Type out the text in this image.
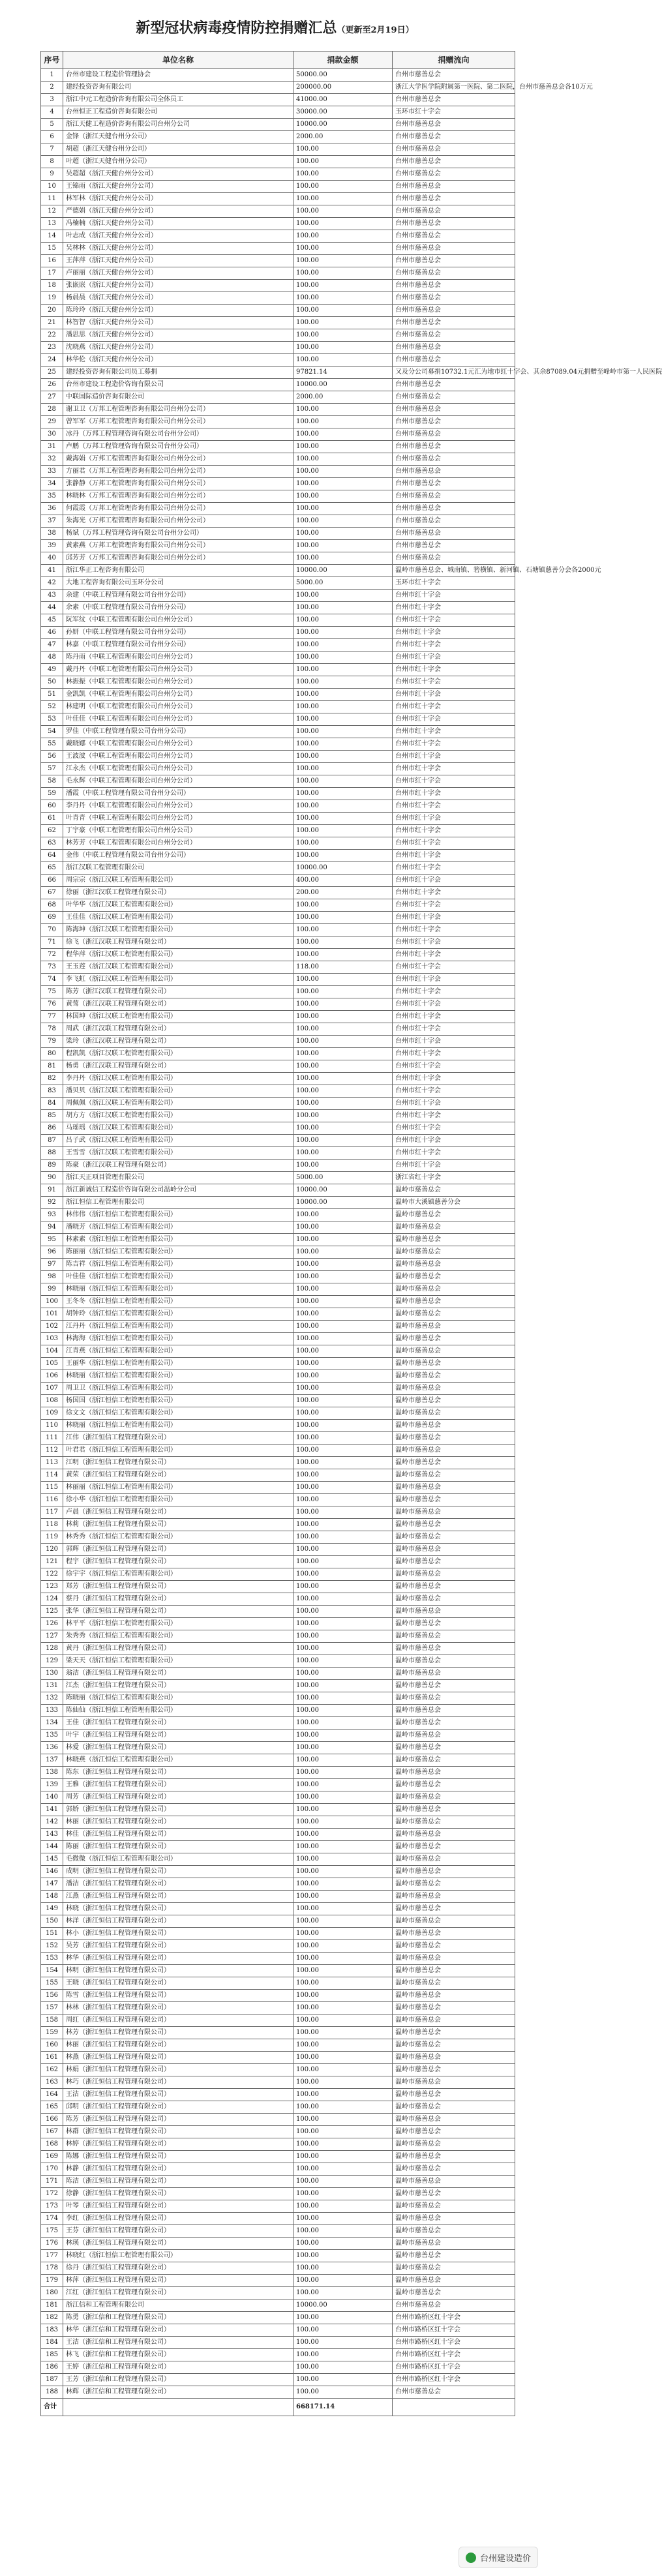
新型冠状病毒疫情防控捐赠汇总（更新至2月19日）
序号	单位名称	捐款金额	捐赠流向
1	台州市建设工程造价管理协会	50000.00	台州市慈善总会
2	建经投资咨询有限公司	200000.00	浙江大学医学院附属第一医院、第二医院，台州市慈善总会各10万元
3	浙江中元工程造价咨询有限公司全体员工	41000.00	台州市慈善总会
4	台州恒正工程造价咨询有限公司	30000.00	玉环市红十字会
5	浙江天健工程造价咨询有限公司台州分公司	10000.00	台州市慈善总会
6	金锋（浙江天健台州分公司）	2000.00	台州市慈善总会
7	胡超（浙江天健台州分公司）	100.00	台州市慈善总会
8	叶超（浙江天健台州分公司）	100.00	台州市慈善总会
9	吴超超（浙江天健台州分公司）	100.00	台州市慈善总会
10	王锦雨（浙江天健台州分公司）	100.00	台州市慈善总会
11	林军林（浙江天健台州分公司）	100.00	台州市慈善总会
12	严德娟（浙江天健台州分公司）	100.00	台州市慈善总会
13	冯楠楠（浙江天健台州分公司）	100.00	台州市慈善总会
14	叶志成（浙江天健台州分公司）	100.00	台州市慈善总会
15	吴林林（浙江天健台州分公司）	100.00	台州市慈善总会
16	王萍萍（浙江天健台州分公司）	100.00	台州市慈善总会
17	卢丽丽（浙江天健台州分公司）	100.00	台州市慈善总会
18	张嵌嵌（浙江天健台州分公司）	100.00	台州市慈善总会
19	杨晨晨（浙江天健台州分公司）	100.00	台州市慈善总会
20	陈玲玲（浙江天健台州分公司）	100.00	台州市慈善总会
21	林智智（浙江天健台州分公司）	100.00	台州市慈善总会
22	潘思思（浙江天健台州分公司）	100.00	台州市慈善总会
23	沈晓燕（浙江天健台州分公司）	100.00	台州市慈善总会
24	林华伦（浙江天健台州分公司）	100.00	台州市慈善总会
25	建经投资咨询有限公司员工募捐	97821.14	又及分公司募捐10732.1元汇为地市红十字会、其余87089.04元捐赠至峰岭市第一人民医院
26	台州市建设工程造价咨询有限公司	10000.00	台州市慈善总会
27	中联国际造价咨询有限公司	2000.00	台州市慈善总会
28	谢卫卫（万邦工程管理咨询有限公司台州分公司）	100.00	台州市慈善总会
29	曾军军（万邦工程管理咨询有限公司台州分公司）	100.00	台州市慈善总会
30	冰丹（万邦工程管理咨询有限公司台州分公司）	100.00	台州市慈善总会
31	卢鹏（万邦工程管理咨询有限公司台州分公司）	100.00	台州市慈善总会
32	戴海娟（万邦工程管理咨询有限公司台州分公司）	100.00	台州市慈善总会
33	方丽君（万邦工程管理咨询有限公司台州分公司）	100.00	台州市慈善总会
34	张静静（万邦工程管理咨询有限公司台州分公司）	100.00	台州市慈善总会
35	林晓林（万邦工程管理咨询有限公司台州分公司）	100.00	台州市慈善总会
36	何霞霞（万邦工程管理咨询有限公司台州分公司）	100.00	台州市慈善总会
37	朱海光（万邦工程管理咨询有限公司台州分公司）	100.00	台州市慈善总会
38	杨斌（万邦工程管理咨询有限公司台州分公司）	100.00	台州市慈善总会
39	黄素燕（万邦工程管理咨询有限公司台州分公司）	100.00	台州市慈善总会
40	邱芳芳（万邦工程管理咨询有限公司台州分公司）	100.00	台州市慈善总会
41	浙江华正工程咨询有限公司	10000.00	温岭市慈善总会、城南镇、箬横镇、新河镇、石塘镇慈善分会各2000元
42	大地工程咨询有限公司玉环分公司	5000.00	玉环市红十字会
43	余建（中联工程管理有限公司台州分公司）	100.00	台州市红十字会
44	余素（中联工程管理有限公司台州分公司）	100.00	台州市红十字会
45	阮军纹（中联工程管理有限公司台州分公司）	100.00	台州市红十字会
46	孙妍（中联工程管理有限公司台州分公司）	100.00	台州市红十字会
47	林嘉（中联工程管理有限公司台州分公司）	100.00	台州市红十字会
48	陈丹雨（中联工程管理有限公司台州分公司）	100.00	台州市红十字会
49	戴丹丹（中联工程管理有限公司台州分公司）	100.00	台州市红十字会
50	林振振（中联工程管理有限公司台州分公司）	100.00	台州市红十字会
51	金凯凯（中联工程管理有限公司台州分公司）	100.00	台州市红十字会
52	林建明（中联工程管理有限公司台州分公司）	100.00	台州市红十字会
53	叶佳佳（中联工程管理有限公司台州分公司）	100.00	台州市红十字会
54	罗佳（中联工程管理有限公司台州分公司）	100.00	台州市红十字会
55	戴晓娜（中联工程管理有限公司台州分公司）	100.00	台州市红十字会
56	王波波（中联工程管理有限公司台州分公司）	100.00	台州市红十字会
57	江永杰（中联工程管理有限公司台州分公司）	100.00	台州市红十字会
58	毛永辉（中联工程管理有限公司台州分公司）	100.00	台州市红十字会
59	潘霞（中联工程管理有限公司台州分公司）	100.00	台州市红十字会
60	李丹丹（中联工程管理有限公司台州分公司）	100.00	台州市红十字会
61	叶青青（中联工程管理有限公司台州分公司）	100.00	台州市红十字会
62	丁宇豪（中联工程管理有限公司台州分公司）	100.00	台州市红十字会
63	林芳芳（中联工程管理有限公司台州分公司）	100.00	台州市红十字会
64	金伟（中联工程管理有限公司台州分公司）	100.00	台州市红十字会
65	浙江汉联工程管理有限公司	10000.00	台州市红十字会
66	周宗宗（浙江汉联工程管理有限公司）	400.00	台州市红十字会
67	徐丽（浙江汉联工程管理有限公司）	200.00	台州市红十字会
68	叶华华（浙江汉联工程管理有限公司）	100.00	台州市红十字会
69	王佳佳（浙江汉联工程管理有限公司）	100.00	台州市红十字会
70	陈海坤（浙江汉联工程管理有限公司）	100.00	台州市红十字会
71	徐飞（浙江汉联工程管理有限公司）	100.00	台州市红十字会
72	程华萍（浙江汉联工程管理有限公司）	100.00	台州市红十字会
73	王玉莲（浙江汉联工程管理有限公司）	118.00	台州市红十字会
74	李飞虹（浙江汉联工程管理有限公司）	100.00	台州市红十字会
75	陈芳（浙江汉联工程管理有限公司）	100.00	台州市红十字会
76	黄莺（浙江汉联工程管理有限公司）	100.00	台州市红十字会
77	林国坤（浙江汉联工程管理有限公司）	100.00	台州市红十字会
78	周武（浙江汉联工程管理有限公司）	100.00	台州市红十字会
79	梁玲（浙江汉联工程管理有限公司）	100.00	台州市红十字会
80	程凯凯（浙江汉联工程管理有限公司）	100.00	台州市红十字会
81	杨勇（浙江汉联工程管理有限公司）	100.00	台州市红十字会
82	李丹丹（浙江汉联工程管理有限公司）	100.00	台州市红十字会
83	潘贝贝（浙江汉联工程管理有限公司）	100.00	台州市红十字会
84	周佩佩（浙江汉联工程管理有限公司）	100.00	台州市红十字会
85	胡方方（浙江汉联工程管理有限公司）	100.00	台州市红十字会
86	马瑶瑶（浙江汉联工程管理有限公司）	100.00	台州市红十字会
87	吕子武（浙江汉联工程管理有限公司）	100.00	台州市红十字会
88	王雪雪（浙江汉联工程管理有限公司）	100.00	台州市红十字会
89	陈豪（浙江汉联工程管理有限公司）	100.00	台州市红十字会
90	浙江天正项目管理有限公司	5000.00	浙江省红十字会
91	浙江新诚信工程造价咨询有限公司温岭分公司	10000.00	温岭市慈善总会
92	浙江恒信工程管理有限公司	10000.00	温岭市大溪镇慈善分会
93	林伟伟（浙江恒信工程管理有限公司）	100.00	温岭市慈善总会
94	潘晓芳（浙江恒信工程管理有限公司）	100.00	温岭市慈善总会
95	林素素（浙江恒信工程管理有限公司）	100.00	温岭市慈善总会
96	陈丽丽（浙江恒信工程管理有限公司）	100.00	温岭市慈善总会
97	陈吉祥（浙江恒信工程管理有限公司）	100.00	温岭市慈善总会
98	叶佳佳（浙江恒信工程管理有限公司）	100.00	温岭市慈善总会
99	林晓丽（浙江恒信工程管理有限公司）	100.00	温岭市慈善总会
100	王冬冬（浙江恒信工程管理有限公司）	100.00	温岭市慈善总会
101	胡钟玲（浙江恒信工程管理有限公司）	100.00	温岭市慈善总会
102	江丹丹（浙江恒信工程管理有限公司）	100.00	温岭市慈善总会
103	林海海（浙江恒信工程管理有限公司）	100.00	温岭市慈善总会
104	江青燕（浙江恒信工程管理有限公司）	100.00	温岭市慈善总会
105	王丽华（浙江恒信工程管理有限公司）	100.00	温岭市慈善总会
106	林晓丽（浙江恒信工程管理有限公司）	100.00	温岭市慈善总会
107	周卫卫（浙江恒信工程管理有限公司）	100.00	温岭市慈善总会
108	杨国国（浙江恒信工程管理有限公司）	100.00	温岭市慈善总会
109	徐文文（浙江恒信工程管理有限公司）	100.00	温岭市慈善总会
110	林晓丽（浙江恒信工程管理有限公司）	100.00	温岭市慈善总会
111	江伟（浙江恒信工程管理有限公司）	100.00	温岭市慈善总会
112	叶君君（浙江恒信工程管理有限公司）	100.00	温岭市慈善总会
113	江明（浙江恒信工程管理有限公司）	100.00	温岭市慈善总会
114	黄荣（浙江恒信工程管理有限公司）	100.00	温岭市慈善总会
115	林丽丽（浙江恒信工程管理有限公司）	100.00	温岭市慈善总会
116	徐小华（浙江恒信工程管理有限公司）	100.00	温岭市慈善总会
117	卢晨（浙江恒信工程管理有限公司）	100.00	温岭市慈善总会
118	林莉（浙江恒信工程管理有限公司）	100.00	温岭市慈善总会
119	林秀秀（浙江恒信工程管理有限公司）	100.00	温岭市慈善总会
120	郭辉（浙江恒信工程管理有限公司）	100.00	温岭市慈善总会
121	程宇（浙江恒信工程管理有限公司）	100.00	温岭市慈善总会
122	徐宇宇（浙江恒信工程管理有限公司）	100.00	温岭市慈善总会
123	郑芳（浙江恒信工程管理有限公司）	100.00	温岭市慈善总会
124	蔡丹（浙江恒信工程管理有限公司）	100.00	温岭市慈善总会
125	张华（浙江恒信工程管理有限公司）	100.00	温岭市慈善总会
126	林平平（浙江恒信工程管理有限公司）	100.00	温岭市慈善总会
127	朱秀秀（浙江恒信工程管理有限公司）	100.00	温岭市慈善总会
128	黄丹（浙江恒信工程管理有限公司）	100.00	温岭市慈善总会
129	梁天天（浙江恒信工程管理有限公司）	100.00	温岭市慈善总会
130	翁洁（浙江恒信工程管理有限公司）	100.00	温岭市慈善总会
131	江杰（浙江恒信工程管理有限公司）	100.00	温岭市慈善总会
132	陈晓丽（浙江恒信工程管理有限公司）	100.00	温岭市慈善总会
133	陈仙仙（浙江恒信工程管理有限公司）	100.00	温岭市慈善总会
134	王佳（浙江恒信工程管理有限公司）	100.00	温岭市慈善总会
135	叶宇（浙江恒信工程管理有限公司）	100.00	温岭市慈善总会
136	林爱（浙江恒信工程管理有限公司）	100.00	温岭市慈善总会
137	林晓燕（浙江恒信工程管理有限公司）	100.00	温岭市慈善总会
138	陈东（浙江恒信工程管理有限公司）	100.00	温岭市慈善总会
139	王雅（浙江恒信工程管理有限公司）	100.00	温岭市慈善总会
140	周芳（浙江恒信工程管理有限公司）	100.00	温岭市慈善总会
141	郭娇（浙江恒信工程管理有限公司）	100.00	温岭市慈善总会
142	林丽（浙江恒信工程管理有限公司）	100.00	温岭市慈善总会
143	林佳（浙江恒信工程管理有限公司）	100.00	温岭市慈善总会
144	陈丽（浙江恒信工程管理有限公司）	100.00	温岭市慈善总会
145	毛微微（浙江恒信工程管理有限公司）	100.00	温岭市慈善总会
146	成明（浙江恒信工程管理有限公司）	100.00	温岭市慈善总会
147	潘洁（浙江恒信工程管理有限公司）	100.00	温岭市慈善总会
148	江燕（浙江恒信工程管理有限公司）	100.00	温岭市慈善总会
149	林晓（浙江恒信工程管理有限公司）	100.00	温岭市慈善总会
150	林洋（浙江恒信工程管理有限公司）	100.00	温岭市慈善总会
151	林小（浙江恒信工程管理有限公司）	100.00	温岭市慈善总会
152	吴芳（浙江恒信工程管理有限公司）	100.00	温岭市慈善总会
153	林华（浙江恒信工程管理有限公司）	100.00	温岭市慈善总会
154	林明（浙江恒信工程管理有限公司）	100.00	温岭市慈善总会
155	王晓（浙江恒信工程管理有限公司）	100.00	温岭市慈善总会
156	陈雪（浙江恒信工程管理有限公司）	100.00	温岭市慈善总会
157	林林（浙江恒信工程管理有限公司）	100.00	温岭市慈善总会
158	周红（浙江恒信工程管理有限公司）	100.00	温岭市慈善总会
159	林芳（浙江恒信工程管理有限公司）	100.00	温岭市慈善总会
160	林丽（浙江恒信工程管理有限公司）	100.00	温岭市慈善总会
161	林燕（浙江恒信工程管理有限公司）	100.00	温岭市慈善总会
162	林娟（浙江恒信工程管理有限公司）	100.00	温岭市慈善总会
163	林巧（浙江恒信工程管理有限公司）	100.00	温岭市慈善总会
164	王洁（浙江恒信工程管理有限公司）	100.00	温岭市慈善总会
165	邱明（浙江恒信工程管理有限公司）	100.00	温岭市慈善总会
166	陈芳（浙江恒信工程管理有限公司）	100.00	温岭市慈善总会
167	林群（浙江恒信工程管理有限公司）	100.00	温岭市慈善总会
168	林婷（浙江恒信工程管理有限公司）	100.00	温岭市慈善总会
169	陈娜（浙江恒信工程管理有限公司）	100.00	温岭市慈善总会
170	林静（浙江恒信工程管理有限公司）	100.00	温岭市慈善总会
171	陈洁（浙江恒信工程管理有限公司）	100.00	温岭市慈善总会
172	徐静（浙江恒信工程管理有限公司）	100.00	温岭市慈善总会
173	叶琴（浙江恒信工程管理有限公司）	100.00	温岭市慈善总会
174	李红（浙江恒信工程管理有限公司）	100.00	温岭市慈善总会
175	王芬（浙江恒信工程管理有限公司）	100.00	温岭市慈善总会
176	林瑛（浙江恒信工程管理有限公司）	100.00	温岭市慈善总会
177	林晓红（浙江恒信工程管理有限公司）	100.00	温岭市慈善总会
178	徐丹（浙江恒信工程管理有限公司）	100.00	温岭市慈善总会
179	林萍（浙江恒信工程管理有限公司）	100.00	温岭市慈善总会
180	江红（浙江恒信工程管理有限公司）	100.00	温岭市慈善总会
181	浙江信和工程管理有限公司	10000.00	台州市慈善总会
182	陈勇（浙江信和工程管理有限公司）	100.00	台州市路桥区红十字会
183	林华（浙江信和工程管理有限公司）	100.00	台州市路桥区红十字会
184	王洁（浙江信和工程管理有限公司）	100.00	台州市路桥区红十字会
185	林飞（浙江信和工程管理有限公司）	100.00	台州市路桥区红十字会
186	王婷（浙江信和工程管理有限公司）	100.00	台州市路桥区红十字会
187	王芳（浙江信和工程管理有限公司）	100.00	台州市路桥区红十字会
188	林辉（浙江信和工程管理有限公司）	100.00	台州市慈善总会
合计		668171.14	
台州建设造价
